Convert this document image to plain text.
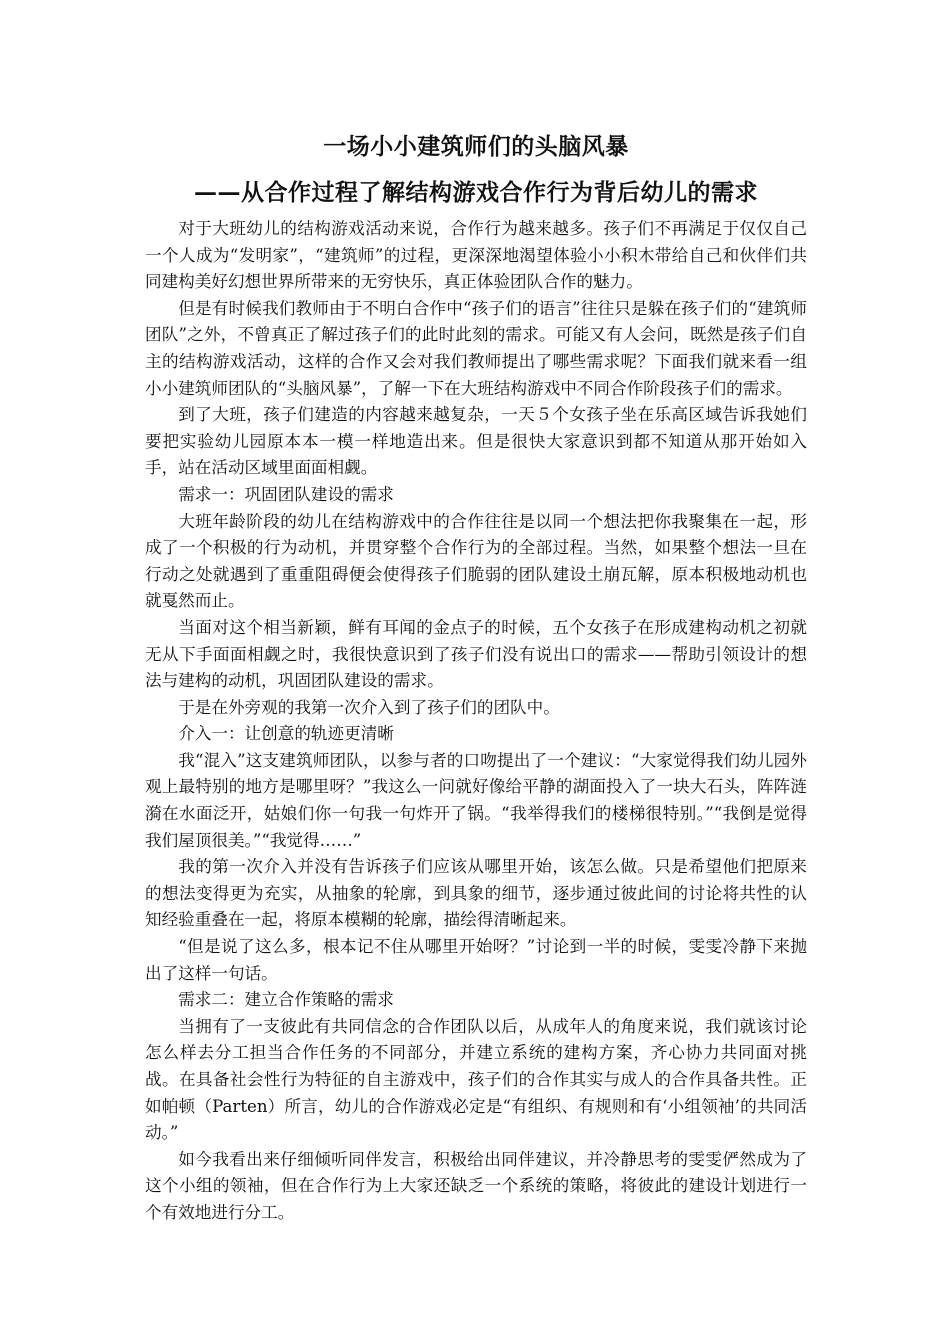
一场小小建筑师们的头脑风暴
——从合作过程了解结构游戏合作行为背后幼儿的需求

对于大班幼儿的结构游戏活动来说，合作行为越来越多。孩子们不再满足于仅仅自己一个人成为“发明家”，“建筑师”的过程，更深深地渴望体验小小积木带给自己和伙伴们共同建构美好幻想世界所带来的无穷快乐，真正体验团队合作的魅力。

但是有时候我们教师由于不明白合作中“孩子们的语言”往往只是躲在孩子们的“建筑师团队”之外，不曾真正了解过孩子们的此时此刻的需求。可能又有人会问，既然是孩子们自主的结构游戏活动，这样的合作又会对我们教师提出了哪些需求呢？下面我们就来看一组小小建筑师团队的“头脑风暴”，了解一下在大班结构游戏中不同合作阶段孩子们的需求。

到了大班，孩子们建造的内容越来越复杂，一天５个女孩子坐在乐高区域告诉我她们要把实验幼儿园原本本一模一样地造出来。但是很快大家意识到都不知道从那开始如入手，站在活动区域里面面相觑。

需求一：巩固团队建设的需求

大班年龄阶段的幼儿在结构游戏中的合作往往是以同一个想法把你我聚集在一起，形成了一个积极的行为动机，并贯穿整个合作行为的全部过程。当然，如果整个想法一旦在行动之处就遇到了重重阻碍便会使得孩子们脆弱的团队建设土崩瓦解，原本积极地动机也就戛然而止。

当面对这个相当新颖，鲜有耳闻的金点子的时候，五个女孩子在形成建构动机之初就无从下手面面相觑之时，我很快意识到了孩子们没有说出口的需求——帮助引领设计的想法与建构的动机，巩固团队建设的需求。

于是在外旁观的我第一次介入到了孩子们的团队中。

介入一：让创意的轨迹更清晰

我“混入”这支建筑师团队，以参与者的口吻提出了一个建议：“大家觉得我们幼儿园外观上最特别的地方是哪里呀？”我这么一问就好像给平静的湖面投入了一块大石头，阵阵涟漪在水面泛开，姑娘们你一句我一句炸开了锅。“我举得我们的楼梯很特别。”“我倒是觉得我们屋顶很美。”“我觉得……”

我的第一次介入并没有告诉孩子们应该从哪里开始，该怎么做。只是希望他们把原来的想法变得更为充实，从抽象的轮廓，到具象的细节，逐步通过彼此间的讨论将共性的认知经验重叠在一起，将原本模糊的轮廓，描绘得清晰起来。

“但是说了这么多，根本记不住从哪里开始呀？”讨论到一半的时候，雯雯冷静下来抛出了这样一句话。

需求二：建立合作策略的需求

当拥有了一支彼此有共同信念的合作团队以后，从成年人的角度来说，我们就该讨论怎么样去分工担当合作任务的不同部分，并建立系统的建构方案，齐心协力共同面对挑战。在具备社会性行为特征的自主游戏中，孩子们的合作其实与成人的合作具备共性。正如帕顿（Parten）所言，幼儿的合作游戏必定是“有组织、有规则和有‘小组领袖’的共同活动。”

如今我看出来仔细倾听同伴发言，积极给出同伴建议，并冷静思考的雯雯俨然成为了这个小组的领袖，但在合作行为上大家还缺乏一个系统的策略，将彼此的建设计划进行一个有效地进行分工。
